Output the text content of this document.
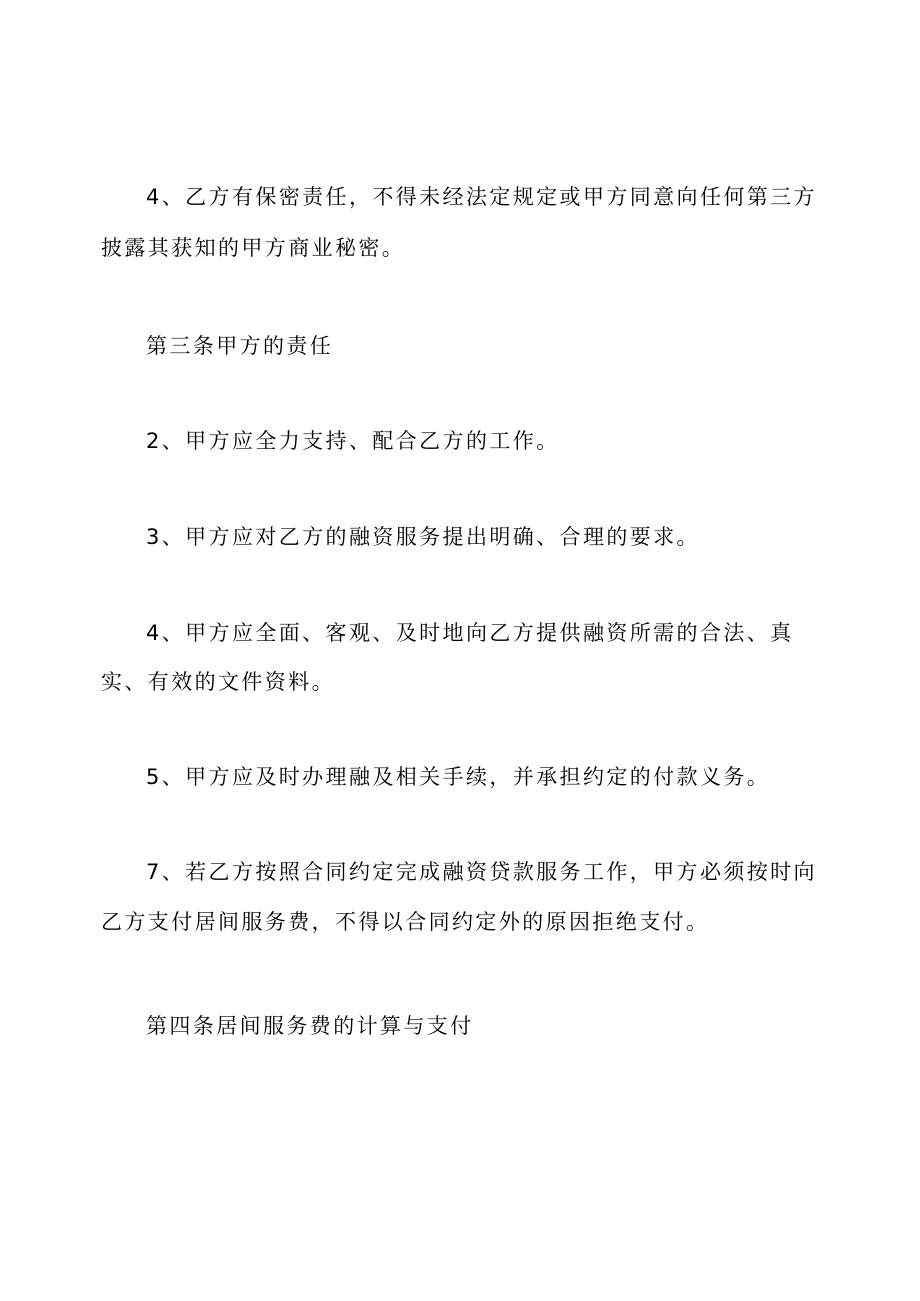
4、乙方有保密责任，不得未经法定规定或甲方同意向任何第三方
披露其获知的甲方商业秘密。
第三条甲方的责任
2、甲方应全力支持、配合乙方的工作。
3、甲方应对乙方的融资服务提出明确、合理的要求。
4、甲方应全面、客观、及时地向乙方提供融资所需的合法、真
实、有效的文件资料。
5、甲方应及时办理融及相关手续，并承担约定的付款义务。
7、若乙方按照合同约定完成融资贷款服务工作，甲方必须按时向
乙方支付居间服务费，不得以合同约定外的原因拒绝支付。
第四条居间服务费的计算与支付
